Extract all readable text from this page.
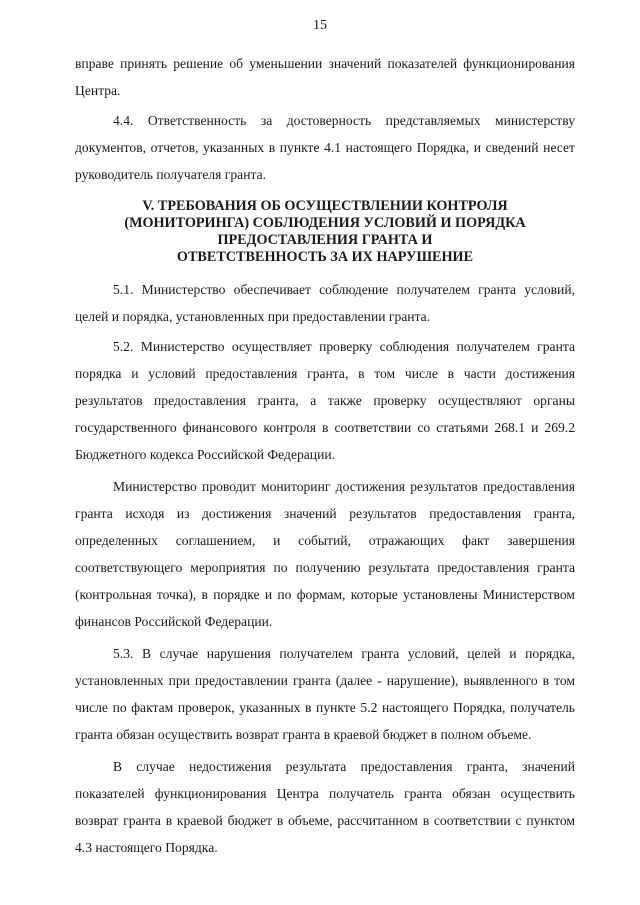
15

вправе принять решение об уменьшении значений показателей функционирования Центра.

4.4. Ответственность за достоверность представляемых министерству документов, отчетов, указанных в пункте 4.1 настоящего Порядка, и сведений несет руководитель получателя гранта.

V. ТРЕБОВАНИЯ ОБ ОСУЩЕСТВЛЕНИИ КОНТРОЛЯ
(МОНИТОРИНГА) СОБЛЮДЕНИЯ УСЛОВИЙ И ПОРЯДКА
ПРЕДОСТАВЛЕНИЯ ГРАНТА И
ОТВЕТСТВЕННОСТЬ ЗА ИХ НАРУШЕНИЕ

5.1. Министерство обеспечивает соблюдение получателем гранта условий, целей и порядка, установленных при предоставлении гранта.

5.2. Министерство осуществляет проверку соблюдения получателем гранта порядка и условий предоставления гранта, в том числе в части достижения результатов предоставления гранта, а также проверку осуществляют органы государственного финансового контроля в соответствии со статьями 268.1 и 269.2 Бюджетного кодекса Российской Федерации.

Министерство проводит мониторинг достижения результатов предоставления гранта исходя из достижения значений результатов предоставления гранта, определенных соглашением, и событий, отражающих факт завершения соответствующего мероприятия по получению результата предоставления гранта (контрольная точка), в порядке и по формам, которые установлены Министерством финансов Российской Федерации.

5.3. В случае нарушения получателем гранта условий, целей и порядка, установленных при предоставлении гранта (далее - нарушение), выявленного в том числе по фактам проверок, указанных в пункте 5.2 настоящего Порядка, получатель гранта обязан осуществить возврат гранта в краевой бюджет в полном объеме.

В случае недостижения результата предоставления гранта, значений показателей функционирования Центра получатель гранта обязан осуществить возврат гранта в краевой бюджет в объеме, рассчитанном в соответствии с пунктом 4.3 настоящего Порядка.
